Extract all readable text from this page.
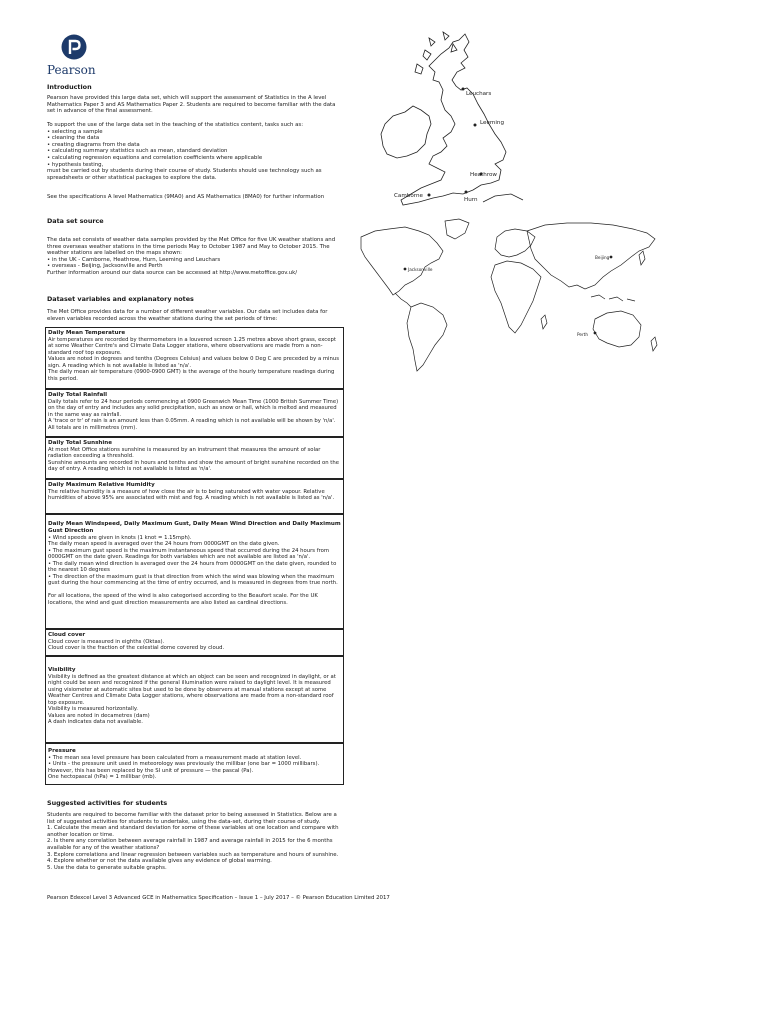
Pearson
Introduction
Pearson have provided this large data set, which will support the assessment of Statistics in the A level Mathematics Paper 3 and AS Mathematics Paper 2. Students are required to become familiar with the data set in advance of the final assessment.
To support the use of the large data set in the teaching of the statistics content, tasks such as:
• selecting a sample
• cleaning the data
• creating diagrams from the data
• calculating summary statistics such as mean, standard deviation
• calculating regression equations and correlation coefficients where applicable
• hypothesis testing,
must be carried out by students during their course of study. Students should use technology such as spreadsheets or other statistical packages to explore the data.
See the specifications A level Mathematics (9MA0) and AS Mathematics (8MA0) for further information
Data set source
The data set consists of weather data samples provided by the Met Office for five UK weather stations and three overseas weather stations in the time periods May to October 1987 and May to October 2015. The weather stations are labelled on the maps shown:
• in the UK - Camborne, Heathrow, Hurn, Leeming and Leuchars
• overseas - Beijing, Jacksonville and Perth
Further information around our data source can be accessed at http://www.metoffice.gov.uk/
Dataset variables and explanatory notes
The Met Office provides data for a number of different weather variables. Our data set includes data for eleven variables recorded across the weather stations during the set periods of time:
Daily Mean Temperature
Air temperatures are recorded by thermometers in a louvered screen 1.25 metres above short grass, except at some Weather Centre's and Climate Data Logger stations, where observations are made from a non-standard roof top exposure.
Values are noted in degrees and tenths (Degrees Celsius) and values below 0 Deg C are preceded by a minus sign. A reading which is not available is listed as 'n/a'.
The daily mean air temperature (0900-0900 GMT) is the average of the hourly temperature readings during this period.
Daily Total Rainfall
Daily totals refer to 24 hour periods commencing at 0900 Greenwich Mean Time (1000 British Summer Time) on the day of entry and includes any solid precipitation, such as snow or hail, which is melted and measured in the same way as rainfall.
A 'trace or tr' of rain is an amount less than 0.05mm. A reading which is not available will be shown by 'n/a'. All totals are in millimetres (mm).
Daily Total Sunshine
At most Met Office stations sunshine is measured by an instrument that measures the amount of solar radiation exceeding a threshold.
Sunshine amounts are recorded in hours and tenths and show the amount of bright sunshine recorded on the day of entry. A reading which is not available is listed as 'n/a'.
Daily Maximum Relative Humidity
The relative humidity is a measure of how close the air is to being saturated with water vapour. Relative humidities of above 95% are associated with mist and fog. A reading which is not available is listed as 'n/a'.
Daily Mean Windspeed, Daily Maximum Gust, Daily Mean Wind Direction and Daily Maximum Gust Direction
• Wind speeds are given in knots (1 knot = 1.15mph).
The daily mean speed is averaged over the 24 hours from 0000GMT on the date given.
• The maximum gust speed is the maximum instantaneous speed that occurred during the 24 hours from 0000GMT on the date given. Readings for both variables which are not available are listed as 'n/a'.
• The daily mean wind direction is averaged over the 24 hours from 0000GMT on the date given, rounded to the nearest 10 degrees
• The direction of the maximum gust is that direction from which the wind was blowing when the maximum gust during the hour commencing at the time of entry occurred, and is measured in degrees from true north.

For all locations, the speed of the wind is also categorised according to the Beaufort scale. For the UK locations, the wind and gust direction measurements are also listed as cardinal directions.
Cloud cover
Cloud cover is measured in eighths (Oktas).
Cloud cover is the fraction of the celestial dome covered by cloud.
Visibility
Visibility is defined as the greatest distance at which an object can be seen and recognized in daylight, or at night could be seen and recognized if the general illumination were raised to daylight level. It is measured using visiometer at automatic sites but used to be done by observers at manual stations except at some Weather Centres and Climate Data Logger stations, where observations are made from a non-standard roof top exposure.
Visibility is measured horizontally.
Values are noted in decametres (dam)
A dash indicates data not available.
Pressure
• The mean sea level pressure has been calculated from a measurement made at station level.
• Units - the pressure unit used in meteorology was previously the millibar (one bar = 1000 millibars). However, this has been replaced by the SI unit of pressure — the pascal (Pa).
One hectopascal (hPa) = 1 millibar (mb).
Suggested activities for students
Students are required to become familiar with the dataset prior to being assessed in Statistics. Below are a list of suggested activities for students to undertake, using the data-set, during their course of study.
1. Calculate the mean and standard deviation for some of these variables at one location and compare with another location or time.
2. Is there any correlation between average rainfall in 1987 and average rainfall in 2015 for the 6 months available for any of the weather stations?
3. Explore correlations and linear regression between variables such as temperature and hours of sunshine.
4. Explore whether or not the data available gives any evidence of global warming.
5. Use the data to generate suitable graphs.
Pearson Edexcel Level 3 Advanced GCE in Mathematics Specification – Issue 1 – July 2017 – © Pearson Education Limited 2017
Leuchars
Leeming
Heathrow
Camborne
Hurn
Jacksonville
Beijing
Perth
